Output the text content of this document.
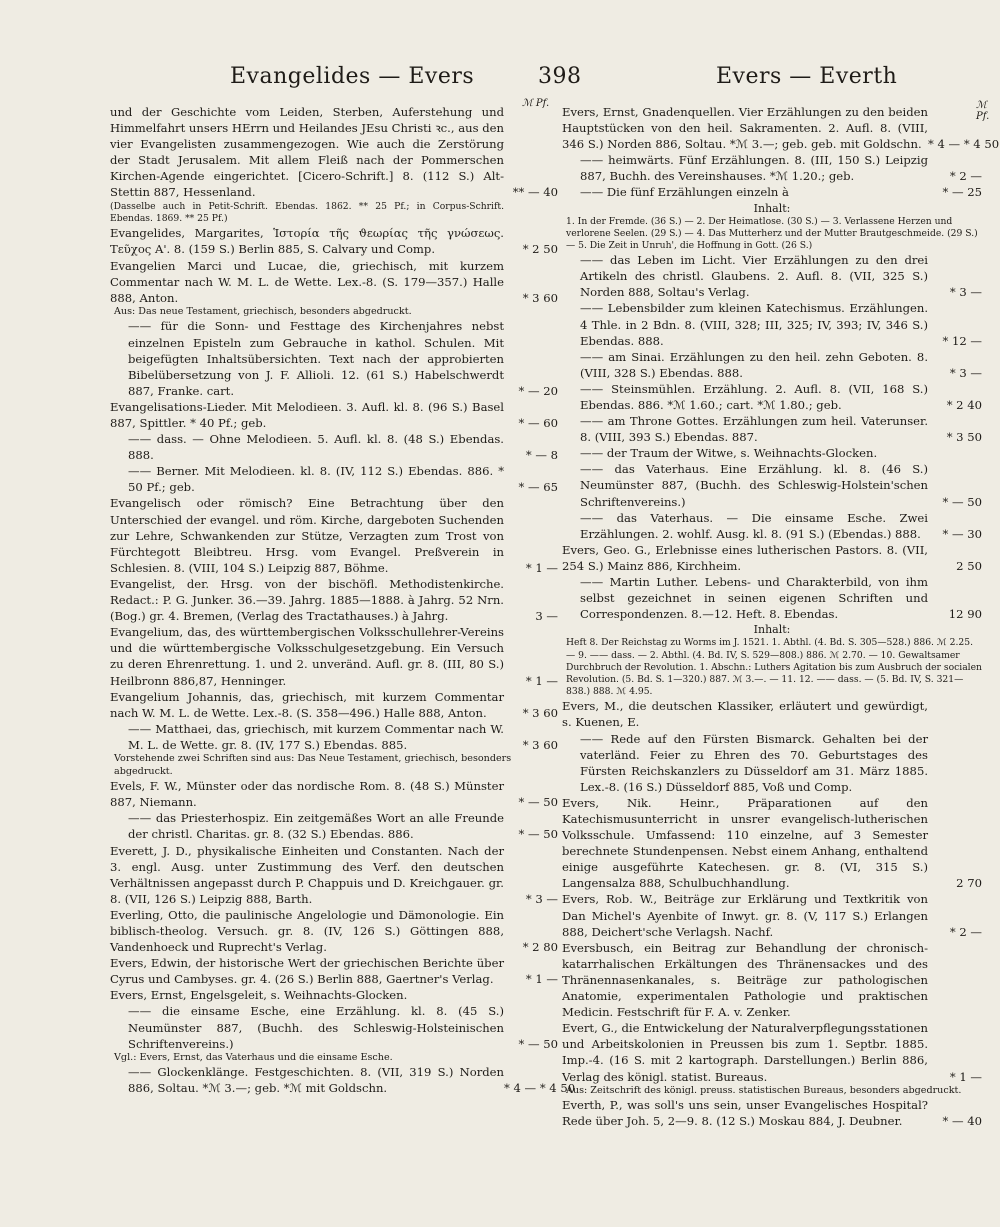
Evangelides — Evers	398	Evers — Everth
ℳ Pf.	ℳ Pf.
und der Geschichte vom Leiden, Sterben, Auferstehung und Himmelfahrt unsers HErrn und Heilandes JEsu Christi ꝛc., aus den vier Evangelisten zusammengezogen. Wie auch die Zerstörung der Stadt Jerusalem. Mit allem Fleiß nach der Pommerschen Kirchen-Agende eingerichtet. [Cicero-Schrift.] 8. (112 S.) Alt-Stettin 887, Hessenland.	** — 40
(Dasselbe auch in Petit-Schrift. Ebendas. 1862. ** 25 Pf.; in Corpus-Schrift. Ebendas. 1869. ** 25 Pf.)
Evangelides, Margarites, Ἱστορία τῆς ϑεωρίας τῆς γνώσεως. Τεῦχος Α'. 8. (159 S.) Berlin 885, S. Calvary und Comp.	* 2 50
Evangelien Marci und Lucae, die, griechisch, mit kurzem Commentar nach W. M. L. de Wette. Lex.-8. (S. 179—357.) Halle 888, Anton.	* 3 60
Aus: Das neue Testament, griechisch, besonders abgedruckt.
—— für die Sonn- und Festtage des Kirchenjahres nebst einzelnen Episteln zum Gebrauche in kathol. Schulen. Mit beigefügten Inhaltsübersichten. Text nach der approbierten Bibelübersetzung von J. F. Allioli. 12. (61 S.) Habelschwerdt 887, Franke. cart.	* — 20
Evangelisations-Lieder. Mit Melodieen. 3. Aufl. kl. 8. (96 S.) Basel 887, Spittler. * 40 Pf.; geb.	* — 60
—— dass. — Ohne Melodieen. 5. Aufl. kl. 8. (48 S.) Ebendas. 888.	* — 8
—— Berner. Mit Melodieen. kl. 8. (IV, 112 S.) Ebendas. 886. * 50 Pf.; geb.	* — 65
Evangelisch oder römisch? Eine Betrachtung über den Unterschied der evangel. und röm. Kirche, dargeboten Suchenden zur Lehre, Schwankenden zur Stütze, Verzagten zum Trost von Fürchtegott Bleibtreu. Hrsg. vom Evangel. Preßverein in Schlesien. 8. (VIII, 104 S.) Leipzig 887, Böhme.	* 1 —
Evangelist, der. Hrsg. von der bischöfl. Methodistenkirche. Redact.: P. G. Junker. 36.—39. Jahrg. 1885—1888. à Jahrg. 52 Nrn. (Bog.) gr. 4. Bremen, (Verlag des Tractathauses.) à Jahrg.	3 —
Evangelium, das, des württembergischen Volksschullehrer-Vereins und die württembergische Volksschulgesetzgebung. Ein Versuch zu deren Ehrenrettung. 1. und 2. unveränd. Aufl. gr. 8. (III, 80 S.) Heilbronn 886,87, Henninger.	* 1 —
Evangelium Johannis, das, griechisch, mit kurzem Commentar nach W. M. L. de Wette. Lex.-8. (S. 358—496.) Halle 888, Anton.	* 3 60
—— Matthaei, das, griechisch, mit kurzem Commentar nach W. M. L. de Wette. gr. 8. (IV, 177 S.) Ebendas. 885.	* 3 60
Vorstehende zwei Schriften sind aus: Das Neue Testament, griechisch, besonders abgedruckt.
Evels, F. W., Münster oder das nordische Rom. 8. (48 S.) Münster 887, Niemann.	* — 50
—— das Priesterhospiz. Ein zeitgemäßes Wort an alle Freunde der christl. Charitas. gr. 8. (32 S.) Ebendas. 886.	* — 50
Everett, J. D., physikalische Einheiten und Constanten. Nach der 3. engl. Ausg. unter Zustimmung des Verf. den deutschen Verhältnissen angepasst durch P. Chappuis und D. Kreichgauer. gr. 8. (VII, 126 S.) Leipzig 888, Barth.	* 3 —
Everling, Otto, die paulinische Angelologie und Dämonologie. Ein biblisch-theolog. Versuch. gr. 8. (IV, 126 S.) Göttingen 888, Vandenhoeck und Ruprecht's Verlag.	* 2 80
Evers, Edwin, der historische Wert der griechischen Berichte über Cyrus und Cambyses. gr. 4. (26 S.) Berlin 888, Gaertner's Verlag.	* 1 —
Evers, Ernst, Engelsgeleit, s. Weihnachts-Glocken.
—— die einsame Esche, eine Erzählung. kl. 8. (45 S.) Neumünster 887, (Buchh. des Schleswig-Holsteinischen Schriftenvereins.)	* — 50
Vgl.: Evers, Ernst, das Vaterhaus und die einsame Esche.
—— Glockenklänge. Festgeschichten. 8. (VII, 319 S.) Norden 886, Soltau. *ℳ 3.—; geb. *ℳ mit Goldschn.	* 4 — * 4 50
Evers, Ernst, Gnadenquellen. Vier Erzählungen zu den beiden Hauptstücken von den heil. Sakramenten. 2. Aufl. 8. (VIII, 346 S.) Norden 886, Soltau. *ℳ 3.—; geb. geb. mit Goldschn. * 4 — * 4 50
—— heimwärts. Fünf Erzählungen. 8. (III, 150 S.) Leipzig 887, Buchh. des Vereinshauses. *ℳ 1.20.; geb.	* 2 —
—— Die fünf Erzählungen einzeln à	* — 25
Inhalt:
1. In der Fremde. (36 S.) — 2. Der Heimatlose. (30 S.) — 3. Verlassene Herzen und verlorene Seelen. (29 S.) — 4. Das Mutterherz und der Mutter Brautgeschmeide. (29 S.) — 5. Die Zeit in Unruh', die Hoffnung in Gott. (26 S.)
—— das Leben im Licht. Vier Erzählungen zu den drei Artikeln des christl. Glaubens. 2. Aufl. 8. (VII, 325 S.) Norden 888, Soltau's Verlag.	* 3 —
—— Lebensbilder zum kleinen Katechismus. Erzählungen. 4 Thle. in 2 Bdn. 8. (VIII, 328; III, 325; IV, 393; IV, 346 S.) Ebendas. 888.	* 12 —
—— am Sinai. Erzählungen zu den heil. zehn Geboten. 8. (VIII, 328 S.) Ebendas. 888.	* 3 —
—— Steinsmühlen. Erzählung. 2. Aufl. 8. (VII, 168 S.) Ebendas. 886. *ℳ 1.60.; cart. *ℳ 1.80.; geb.	* 2 40
—— am Throne Gottes. Erzählungen zum heil. Vaterunser. 8. (VIII, 393 S.) Ebendas. 887.	* 3 50
—— der Traum der Witwe, s. Weihnachts-Glocken.
—— das Vaterhaus. Eine Erzählung. kl. 8. (46 S.) Neumünster 887, (Buchh. des Schleswig-Holstein'schen Schriftenvereins.)	* — 50
—— das Vaterhaus. — Die einsame Esche. Zwei Erzählungen. 2. wohlf. Ausg. kl. 8. (91 S.) (Ebendas.) 888.	* — 30
Evers, Geo. G., Erlebnisse eines lutherischen Pastors. 8. (VII, 254 S.) Mainz 886, Kirchheim.	2 50
—— Martin Luther. Lebens- und Charakterbild, von ihm selbst gezeichnet in seinen eigenen Schriften und Correspondenzen. 8.—12. Heft. 8. Ebendas.	12 90
Inhalt:
Heft 8. Der Reichstag zu Worms im J. 1521. 1. Abthl. (4. Bd. S. 305—528.) 886. ℳ 2.25. — 9. —— dass. — 2. Abthl. (4. Bd. IV, S. 529—808.) 886. ℳ 2.70. — 10. Gewaltsamer Durchbruch der Revolution. 1. Abschn.: Luthers Agitation bis zum Ausbruch der socialen Revolution. (5. Bd. S. 1—320.) 887. ℳ 3.—. — 11. 12. —— dass. — (5. Bd. IV, S. 321—838.) 888. ℳ 4.95.
Evers, M., die deutschen Klassiker, erläutert und gewürdigt, s. Kuenen, E.
—— Rede auf den Fürsten Bismarck. Gehalten bei der vaterländ. Feier zu Ehren des 70. Geburtstages des Fürsten Reichskanzlers zu Düsseldorf am 31. März 1885. Lex.-8. (16 S.) Düsseldorf 885, Voß und Comp.
Evers, Nik. Heinr., Präparationen auf den Katechismusunterricht in unsrer evangelisch-lutherischen Volksschule. Umfassend: 110 einzelne, auf 3 Semester berechnete Stundenpensen. Nebst einem Anhang, enthaltend einige ausgeführte Katechesen. gr. 8. (VI, 315 S.) Langensalza 888, Schulbuchhandlung.	2 70
Evers, Rob. W., Beiträge zur Erklärung und Textkritik von Dan Michel's Ayenbite of Inwyt. gr. 8. (V, 117 S.) Erlangen 888, Deichert'sche Verlagsh. Nachf.	* 2 —
Eversbusch, ein Beitrag zur Behandlung der chronisch-katarrhalischen Erkältungen des Thränensackes und des Thränennasenkanales, s. Beiträge zur pathologischen Anatomie, experimentalen Pathologie und praktischen Medicin. Festschrift für F. A. v. Zenker.
Evert, G., die Entwickelung der Naturalverpflegungsstationen und Arbeitskolonien in Preussen bis zum 1. Septbr. 1885. Imp.-4. (16 S. mit 2 kartograph. Darstellungen.) Berlin 886, Verlag des königl. statist. Bureaus.	* 1 —
Aus: Zeitschrift des königl. preuss. statistischen Bureaus, besonders abgedruckt.
Everth, P., was soll's uns sein, unser Evangelisches Hospital? Rede über Joh. 5, 2—9. 8. (12 S.) Moskau 884, J. Deubner.	* — 40
